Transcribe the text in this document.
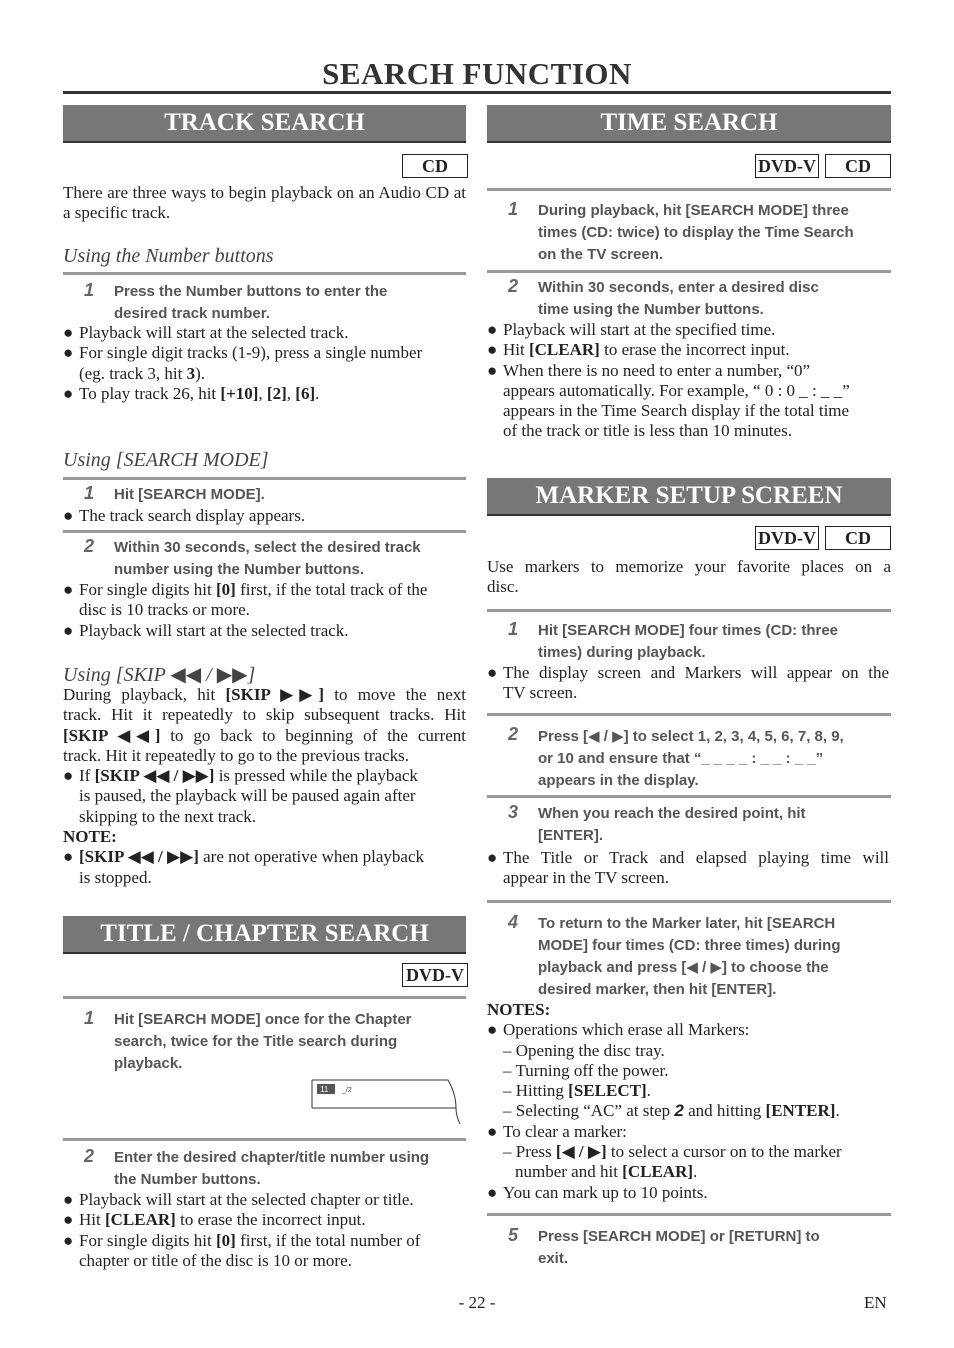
SEARCH FUNCTION
TRACK SEARCH
CD
There are three ways to begin playback on an Audio CD at a specific track.
Using the Number buttons
1 Press the Number buttons to enter the
desired track number.
● Playback will start at the selected track.
● For single digit tracks (1-9), press a single number
(eg. track 3, hit 3).
● To play track 26, hit [+10], [2], [6].
Using [SEARCH MODE]
1 Hit [SEARCH MODE].
● The track search display appears.
2 Within 30 seconds, select the desired track
number using the Number buttons.
● For single digits hit [0] first, if the total track of the
disc is 10 tracks or more.
● Playback will start at the selected track.
Using [SKIP ◀◀ / ▶▶]
During playback, hit [SKIP ▶▶] to move the next
track. Hit it repeatedly to skip subsequent tracks. Hit
[SKIP ◀◀] to go back to beginning of the current
track. Hit it repeatedly to go to the previous tracks.
● If [SKIP ◀◀ / ▶▶] is pressed while the playback
is paused, the playback will be paused again after
skipping to the next track.
NOTE:
● [SKIP ◀◀ / ▶▶] are not operative when playback
is stopped.
TITLE / CHAPTER SEARCH
DVD-V
1 Hit [SEARCH MODE] once for the Chapter
search, twice for the Title search during
playback.
11 _/2
2 Enter the desired chapter/title number using
the Number buttons.
● Playback will start at the selected chapter or title.
● Hit [CLEAR] to erase the incorrect input.
● For single digits hit [0] first, if the total number of
chapter or title of the disc is 10 or more.
TIME SEARCH
DVD-V	CD
1 During playback, hit [SEARCH MODE] three
times (CD: twice) to display the Time Search
on the TV screen.
2 Within 30 seconds, enter a desired disc
time using the Number buttons.
● Playback will start at the specified time.
● Hit [CLEAR] to erase the incorrect input.
● When there is no need to enter a number, “0”
appears automatically. For example, “ 0 : 0 _ : _ _”
appears in the Time Search display if the total time
of the track or title is less than 10 minutes.
MARKER SETUP SCREEN
DVD-V	CD
Use markers to memorize your favorite places on a
disc.
1 Hit [SEARCH MODE] four times (CD: three
times) during playback.
● The display screen and Markers will appear on the
TV screen.
2 Press [◀ / ▶] to select 1, 2, 3, 4, 5, 6, 7, 8, 9,
or 10 and ensure that “_ _ _ _ : _ _ : _ _”
appears in the display.
3 When you reach the desired point, hit
[ENTER].
● The Title or Track and elapsed playing time will
appear in the TV screen.
4 To return to the Marker later, hit [SEARCH
MODE] four times (CD: three times) during
playback and press [◀ / ▶] to choose the
desired marker, then hit [ENTER].
NOTES:
● Operations which erase all Markers:
– Opening the disc tray.
– Turning off the power.
– Hitting [SELECT].
– Selecting “AC” at step 2 and hitting [ENTER].
● To clear a marker:
– Press [◀ / ▶] to select a cursor on to the marker
number and hit [CLEAR].
● You can mark up to 10 points.
5 Press [SEARCH MODE] or [RETURN] to
exit.
- 22 -	EN
